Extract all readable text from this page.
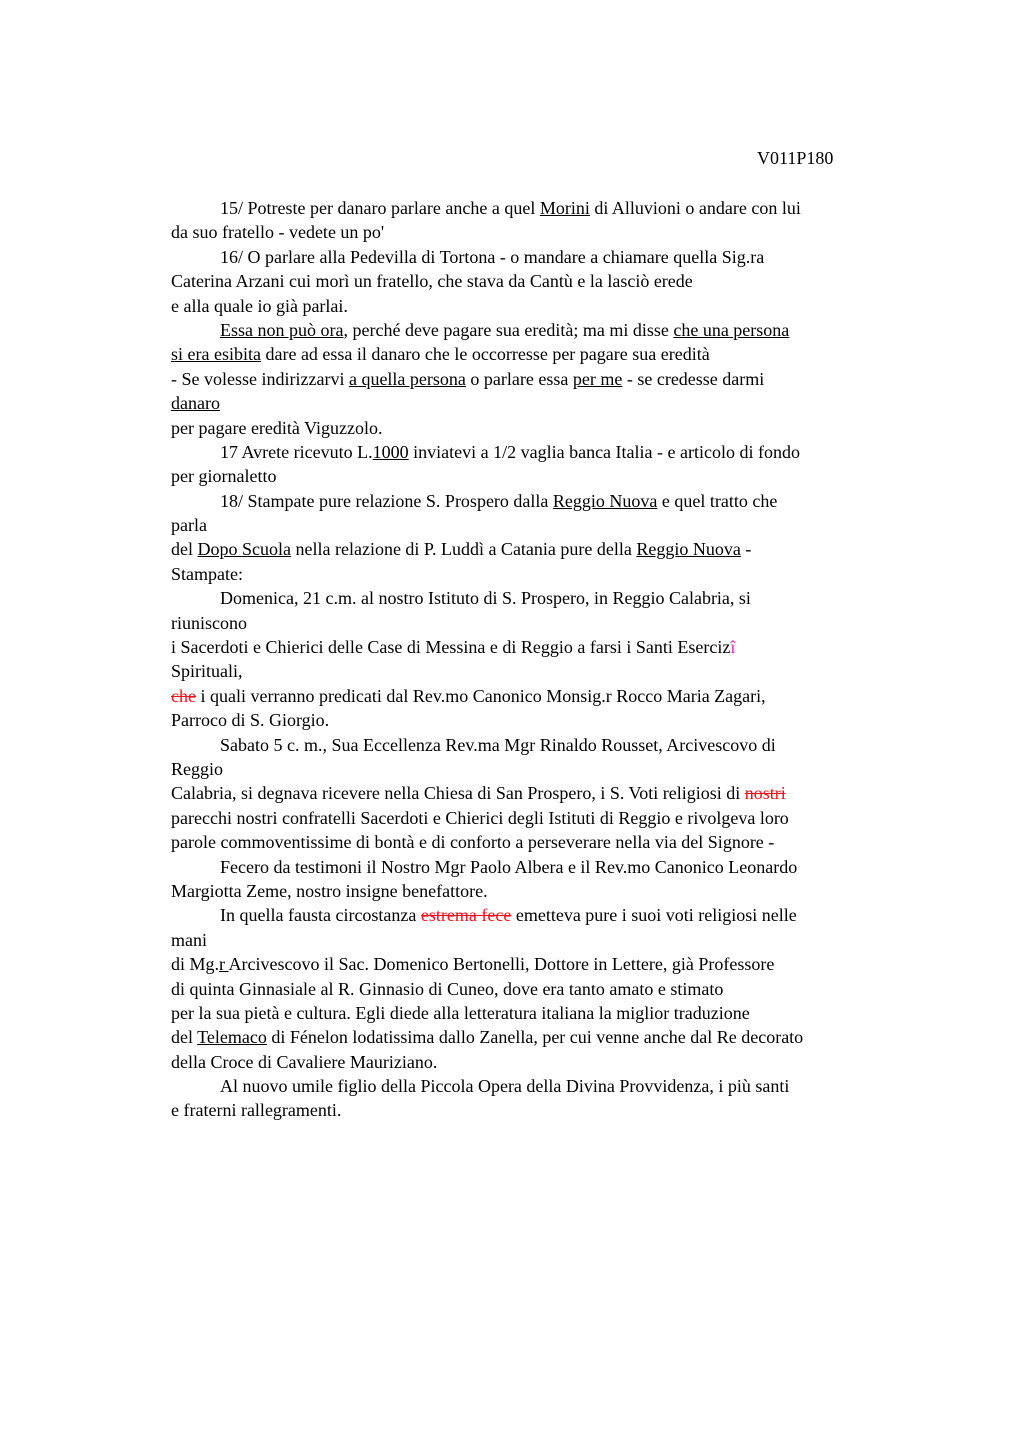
V011P180
15/ Potreste per danaro parlare anche a quel Morini di Alluvioni o andare con lui
da suo fratello - vedete un po'
16/ O parlare alla Pedevilla di Tortona - o mandare a chiamare quella Sig.ra
Caterina Arzani cui morì un fratello, che stava da Cantù e la lasciò erede
e alla quale io già parlai.
Essa non può ora, perché deve pagare sua eredità; ma mi disse che una persona
si era esibita dare ad essa il danaro che le occorresse per pagare sua eredità
- Se volesse indirizzarvi a quella persona o parlare essa per me - se credesse darmi
danaro
per pagare eredità Viguzzolo.
17 Avrete ricevuto L.1000 inviatevi a 1/2 vaglia banca Italia - e articolo di fondo
per giornaletto
18/ Stampate pure relazione S. Prospero dalla Reggio Nuova e quel tratto che
parla
del Dopo Scuola nella relazione di P. Luddì a Catania pure della Reggio Nuova -
Stampate:
Domenica, 21 c.m. al nostro Istituto di S. Prospero, in Reggio Calabria, si
riuniscono
i Sacerdoti e Chierici delle Case di Messina e di Reggio a farsi i Santi Esercizî
Spirituali,
che i quali verranno predicati dal Rev.mo Canonico Monsig.r Rocco Maria Zagari,
Parroco di S. Giorgio.
Sabato 5 c. m., Sua Eccellenza Rev.ma Mgr Rinaldo Rousset, Arcivescovo di
Reggio
Calabria, si degnava ricevere nella Chiesa di San Prospero, i S. Voti religiosi di nostri
parecchi nostri confratelli Sacerdoti e Chierici degli Istituti di Reggio e rivolgeva loro
parole commoventissime di bontà e di conforto a perseverare nella via del Signore -
Fecero da testimoni il Nostro Mgr Paolo Albera e il Rev.mo Canonico Leonardo
Margiotta Zeme, nostro insigne benefattore.
In quella fausta circostanza estrema fece emetteva pure i suoi voti religiosi nelle
mani
di Mg.r Arcivescovo il Sac. Domenico Bertonelli, Dottore in Lettere, già Professore
di quinta Ginnasiale al R. Ginnasio di Cuneo, dove era tanto amato e stimato
per la sua pietà e cultura. Egli diede alla letteratura italiana la miglior traduzione
del Telemaco di Fénelon lodatissima dallo Zanella, per cui venne anche dal Re decorato
della Croce di Cavaliere Mauriziano.
Al nuovo umile figlio della Piccola Opera della Divina Provvidenza, i più santi
e fraterni rallegramenti.
